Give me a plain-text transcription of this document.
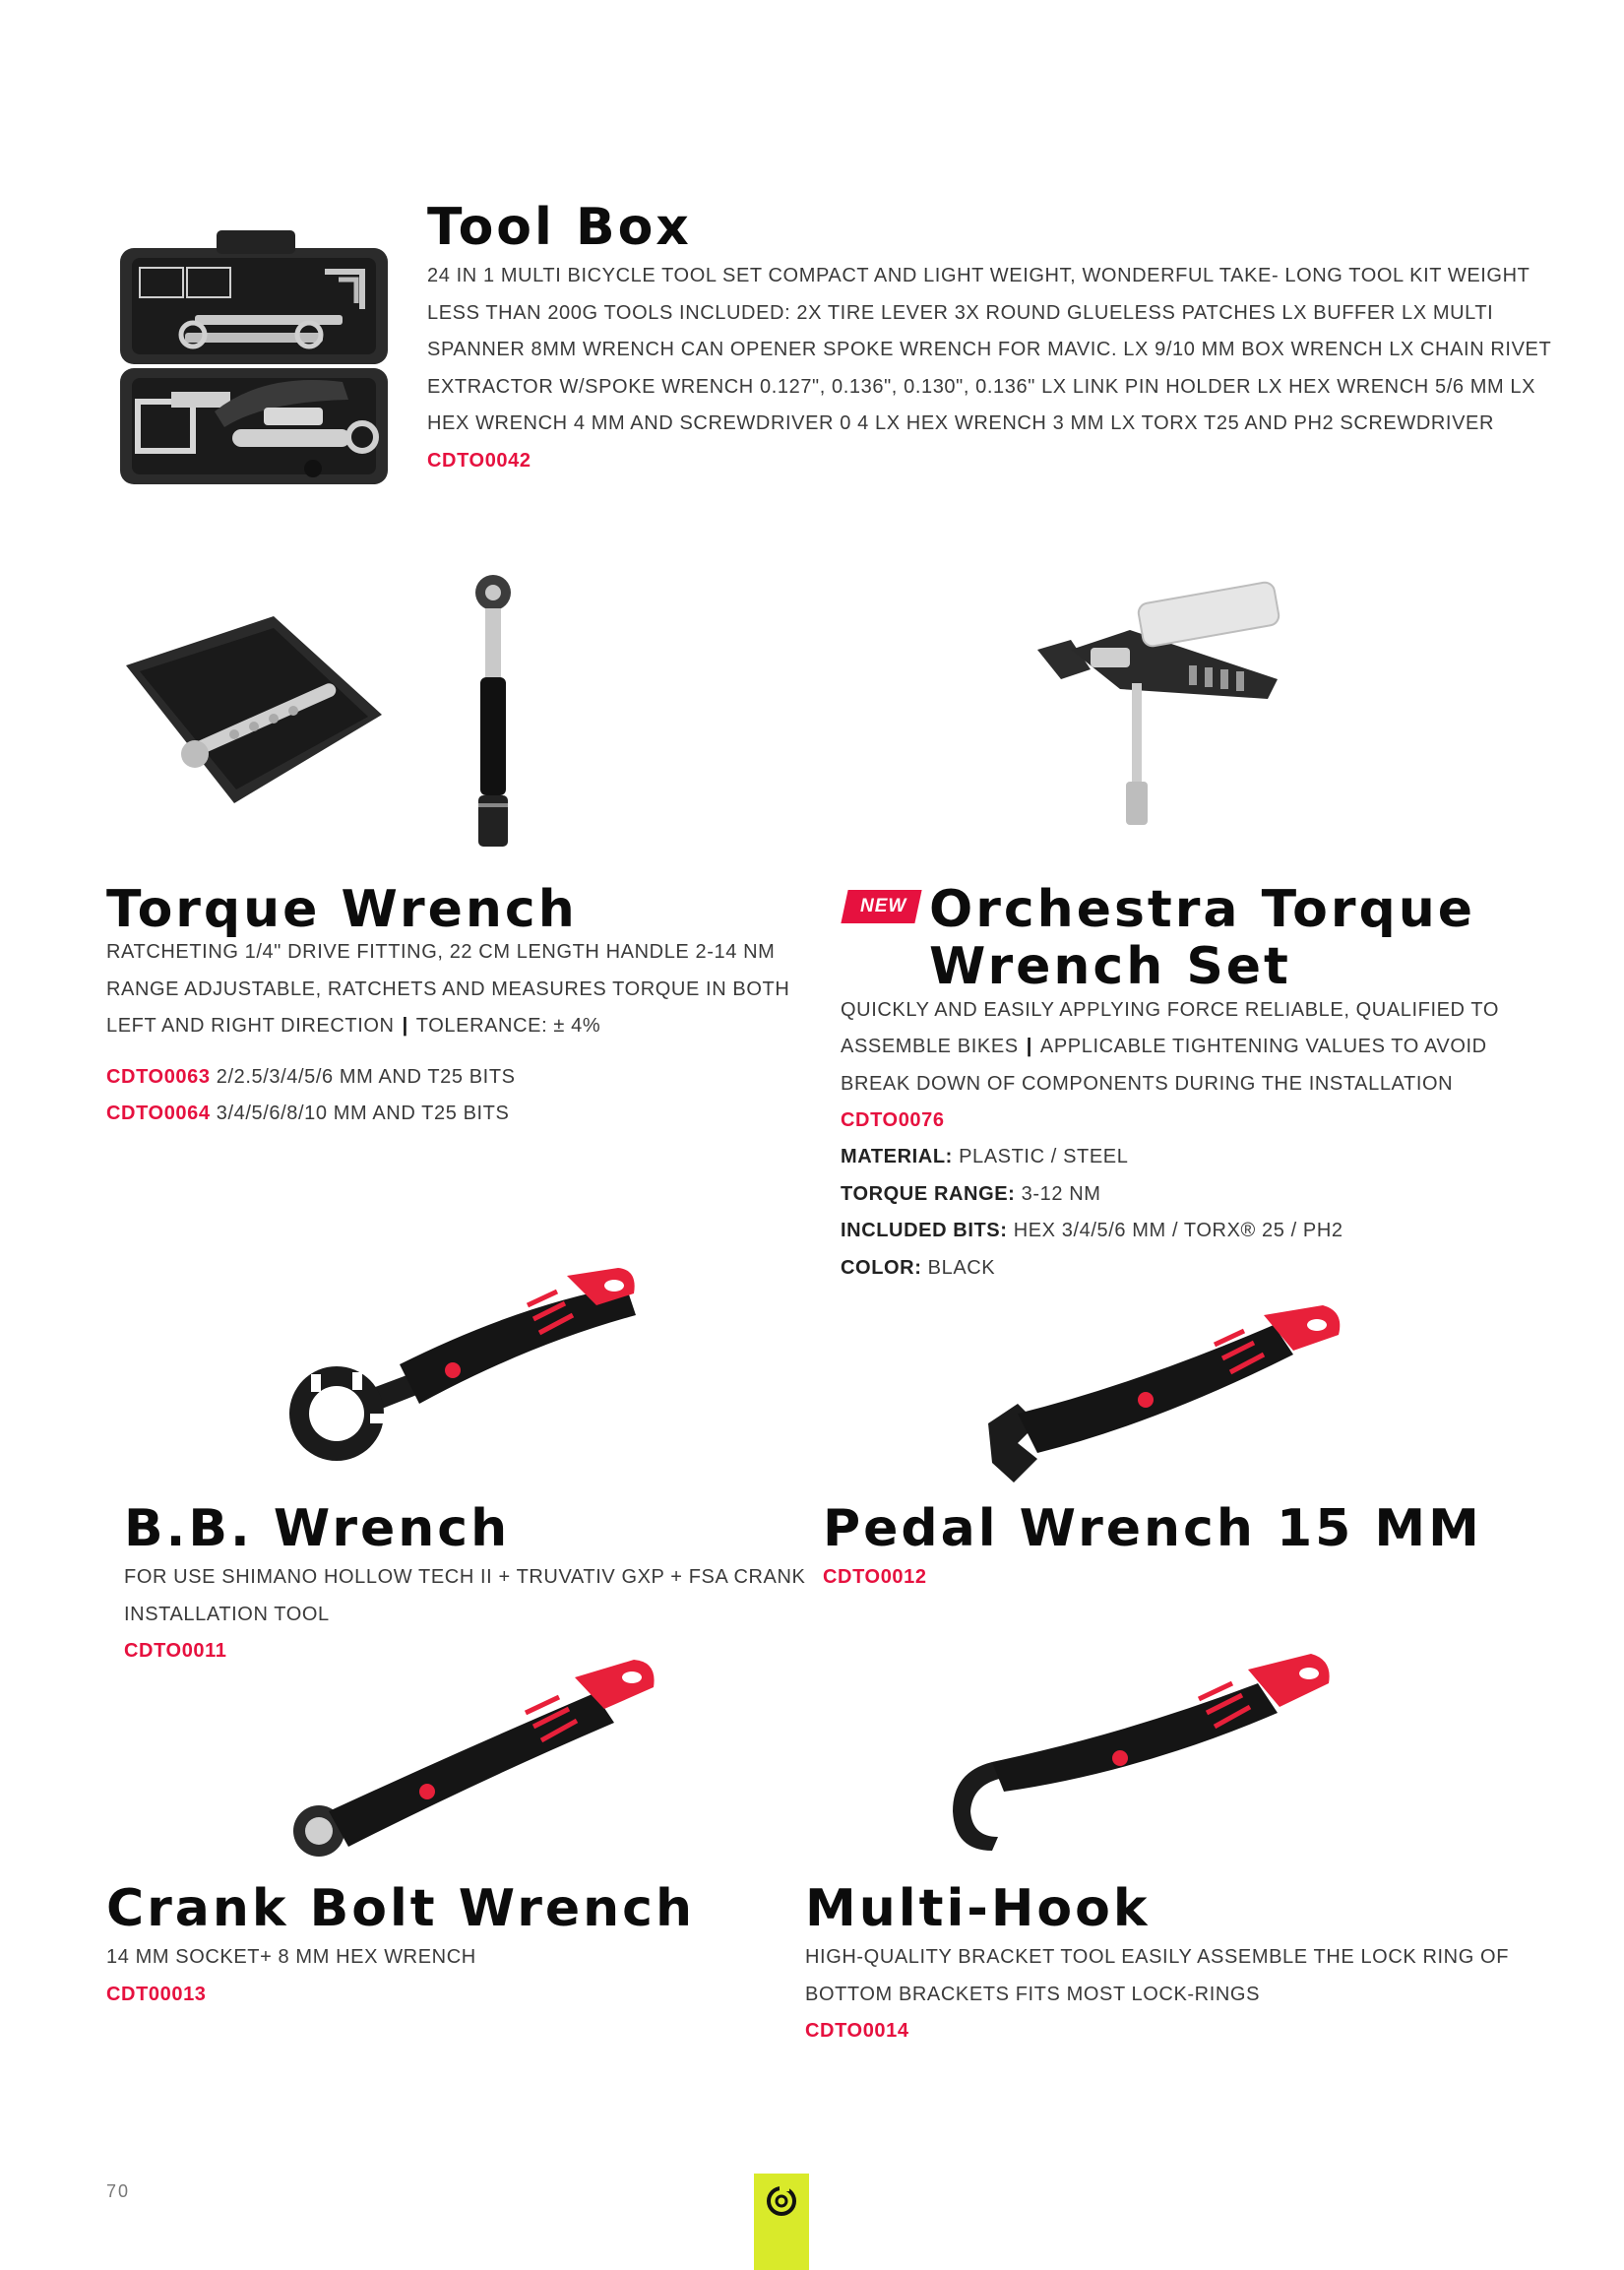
Tool Box
24 IN 1 MULTI BICYCLE TOOL SET COMPACT AND LIGHT WEIGHT, WONDERFUL TAKE- LONG TOOL KIT WEIGHT
LESS THAN 200G TOOLS INCLUDED: 2X TIRE LEVER 3X ROUND GLUELESS PATCHES LX BUFFER LX MULTI
SPANNER 8MM WRENCH CAN OPENER SPOKE WRENCH FOR MAVIC. LX 9/10 MM BOX WRENCH LX CHAIN RIVET
EXTRACTOR W/SPOKE WRENCH 0.127", 0.136", 0.130", 0.136" LX LINK PIN HOLDER LX HEX WRENCH 5/6 MM LX
HEX WRENCH 4 MM AND SCREWDRIVER 0 4 LX HEX WRENCH 3 MM LX TORX T25 AND PH2 SCREWDRIVER
CDTO0042
Torque Wrench
RATCHETING 1/4" DRIVE FITTING, 22 CM LENGTH HANDLE 2-14 NM
RANGE ADJUSTABLE, RATCHETS AND MEASURES TORQUE IN BOTH
LEFT AND RIGHT DIRECTION | TOLERANCE: ± 4%
CDTO0063 2/2.5/3/4/5/6 MM AND T25 BITS
CDTO0064 3/4/5/6/8/10 MM AND T25 BITS
NEW Orchestra Torque
Wrench Set
QUICKLY AND EASILY APPLYING FORCE RELIABLE, QUALIFIED TO
ASSEMBLE BIKES | APPLICABLE TIGHTENING VALUES TO AVOID
BREAK DOWN OF COMPONENTS DURING THE INSTALLATION
CDTO0076
MATERIAL: PLASTIC / STEEL
TORQUE RANGE: 3-12 NM
INCLUDED BITS: HEX 3/4/5/6 MM / TORX® 25 / PH2
COLOR: BLACK
B.B. Wrench
FOR USE SHIMANO HOLLOW TECH II + TRUVATIV GXP + FSA CRANK
INSTALLATION TOOL
CDTO0011
Pedal Wrench 15 MM
CDTO0012
Crank Bolt Wrench
14 MM SOCKET+ 8 MM HEX WRENCH
CDT00013
Multi-Hook
HIGH-QUALITY BRACKET TOOL EASILY ASSEMBLE THE LOCK RING OF
BOTTOM BRACKETS FITS MOST LOCK-RINGS
CDTO0014
70
